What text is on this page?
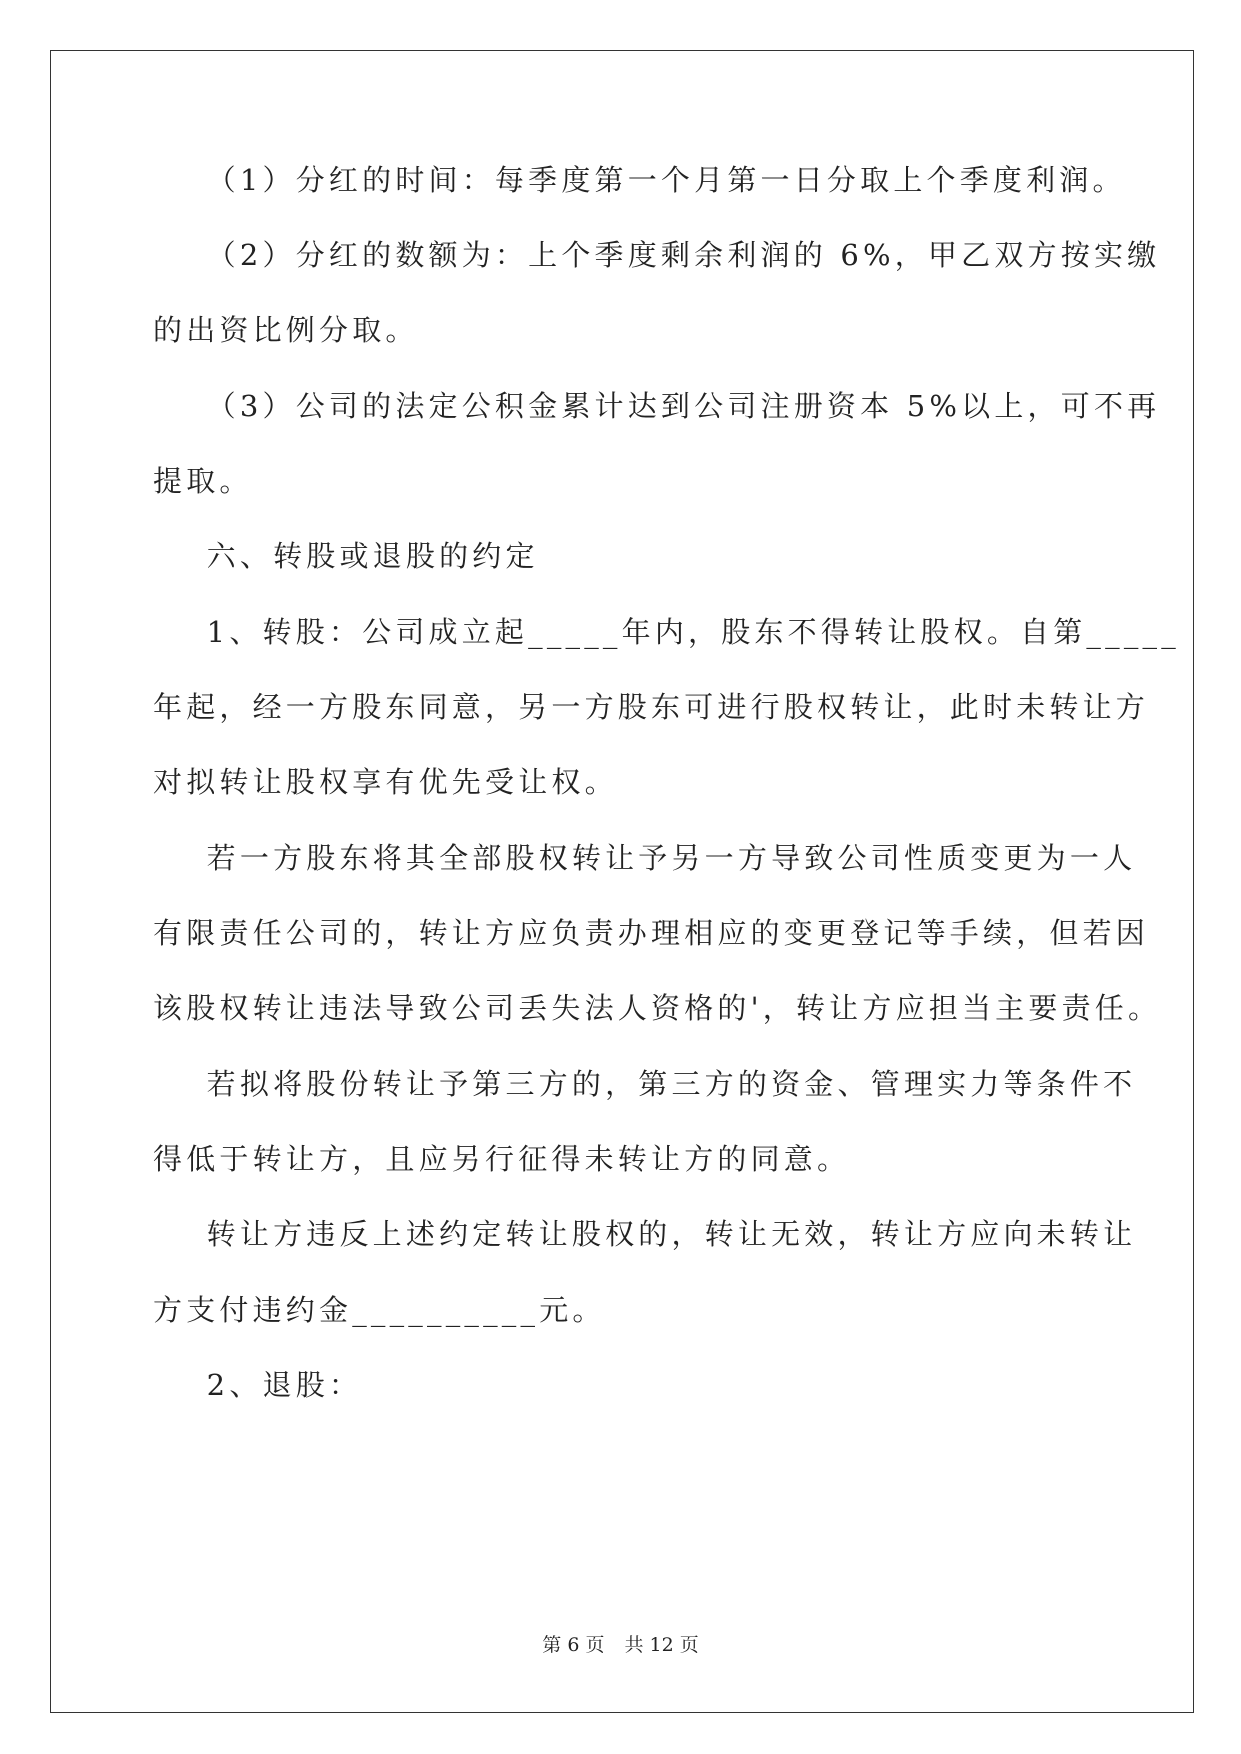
（1）分红的时间：每季度第一个月第一日分取上个季度利润。
（2）分红的数额为：上个季度剩余利润的 6%，甲乙双方按实缴
的出资比例分取。
（3）公司的法定公积金累计达到公司注册资本 5%以上，可不再
提取。
六、转股或退股的约定
1、转股：公司成立起_____年内，股东不得转让股权。自第_____
年起，经一方股东同意，另一方股东可进行股权转让，此时未转让方
对拟转让股权享有优先受让权。
若一方股东将其全部股权转让予另一方导致公司性质变更为一人
有限责任公司的，转让方应负责办理相应的变更登记等手续，但若因
该股权转让违法导致公司丢失法人资格的'，转让方应担当主要责任。
若拟将股份转让予第三方的，第三方的资金、管理实力等条件不
得低于转让方，且应另行征得未转让方的同意。
转让方违反上述约定转让股权的，转让无效，转让方应向未转让
方支付违约金__________元。
2、退股：
第 6 页 共 12 页
